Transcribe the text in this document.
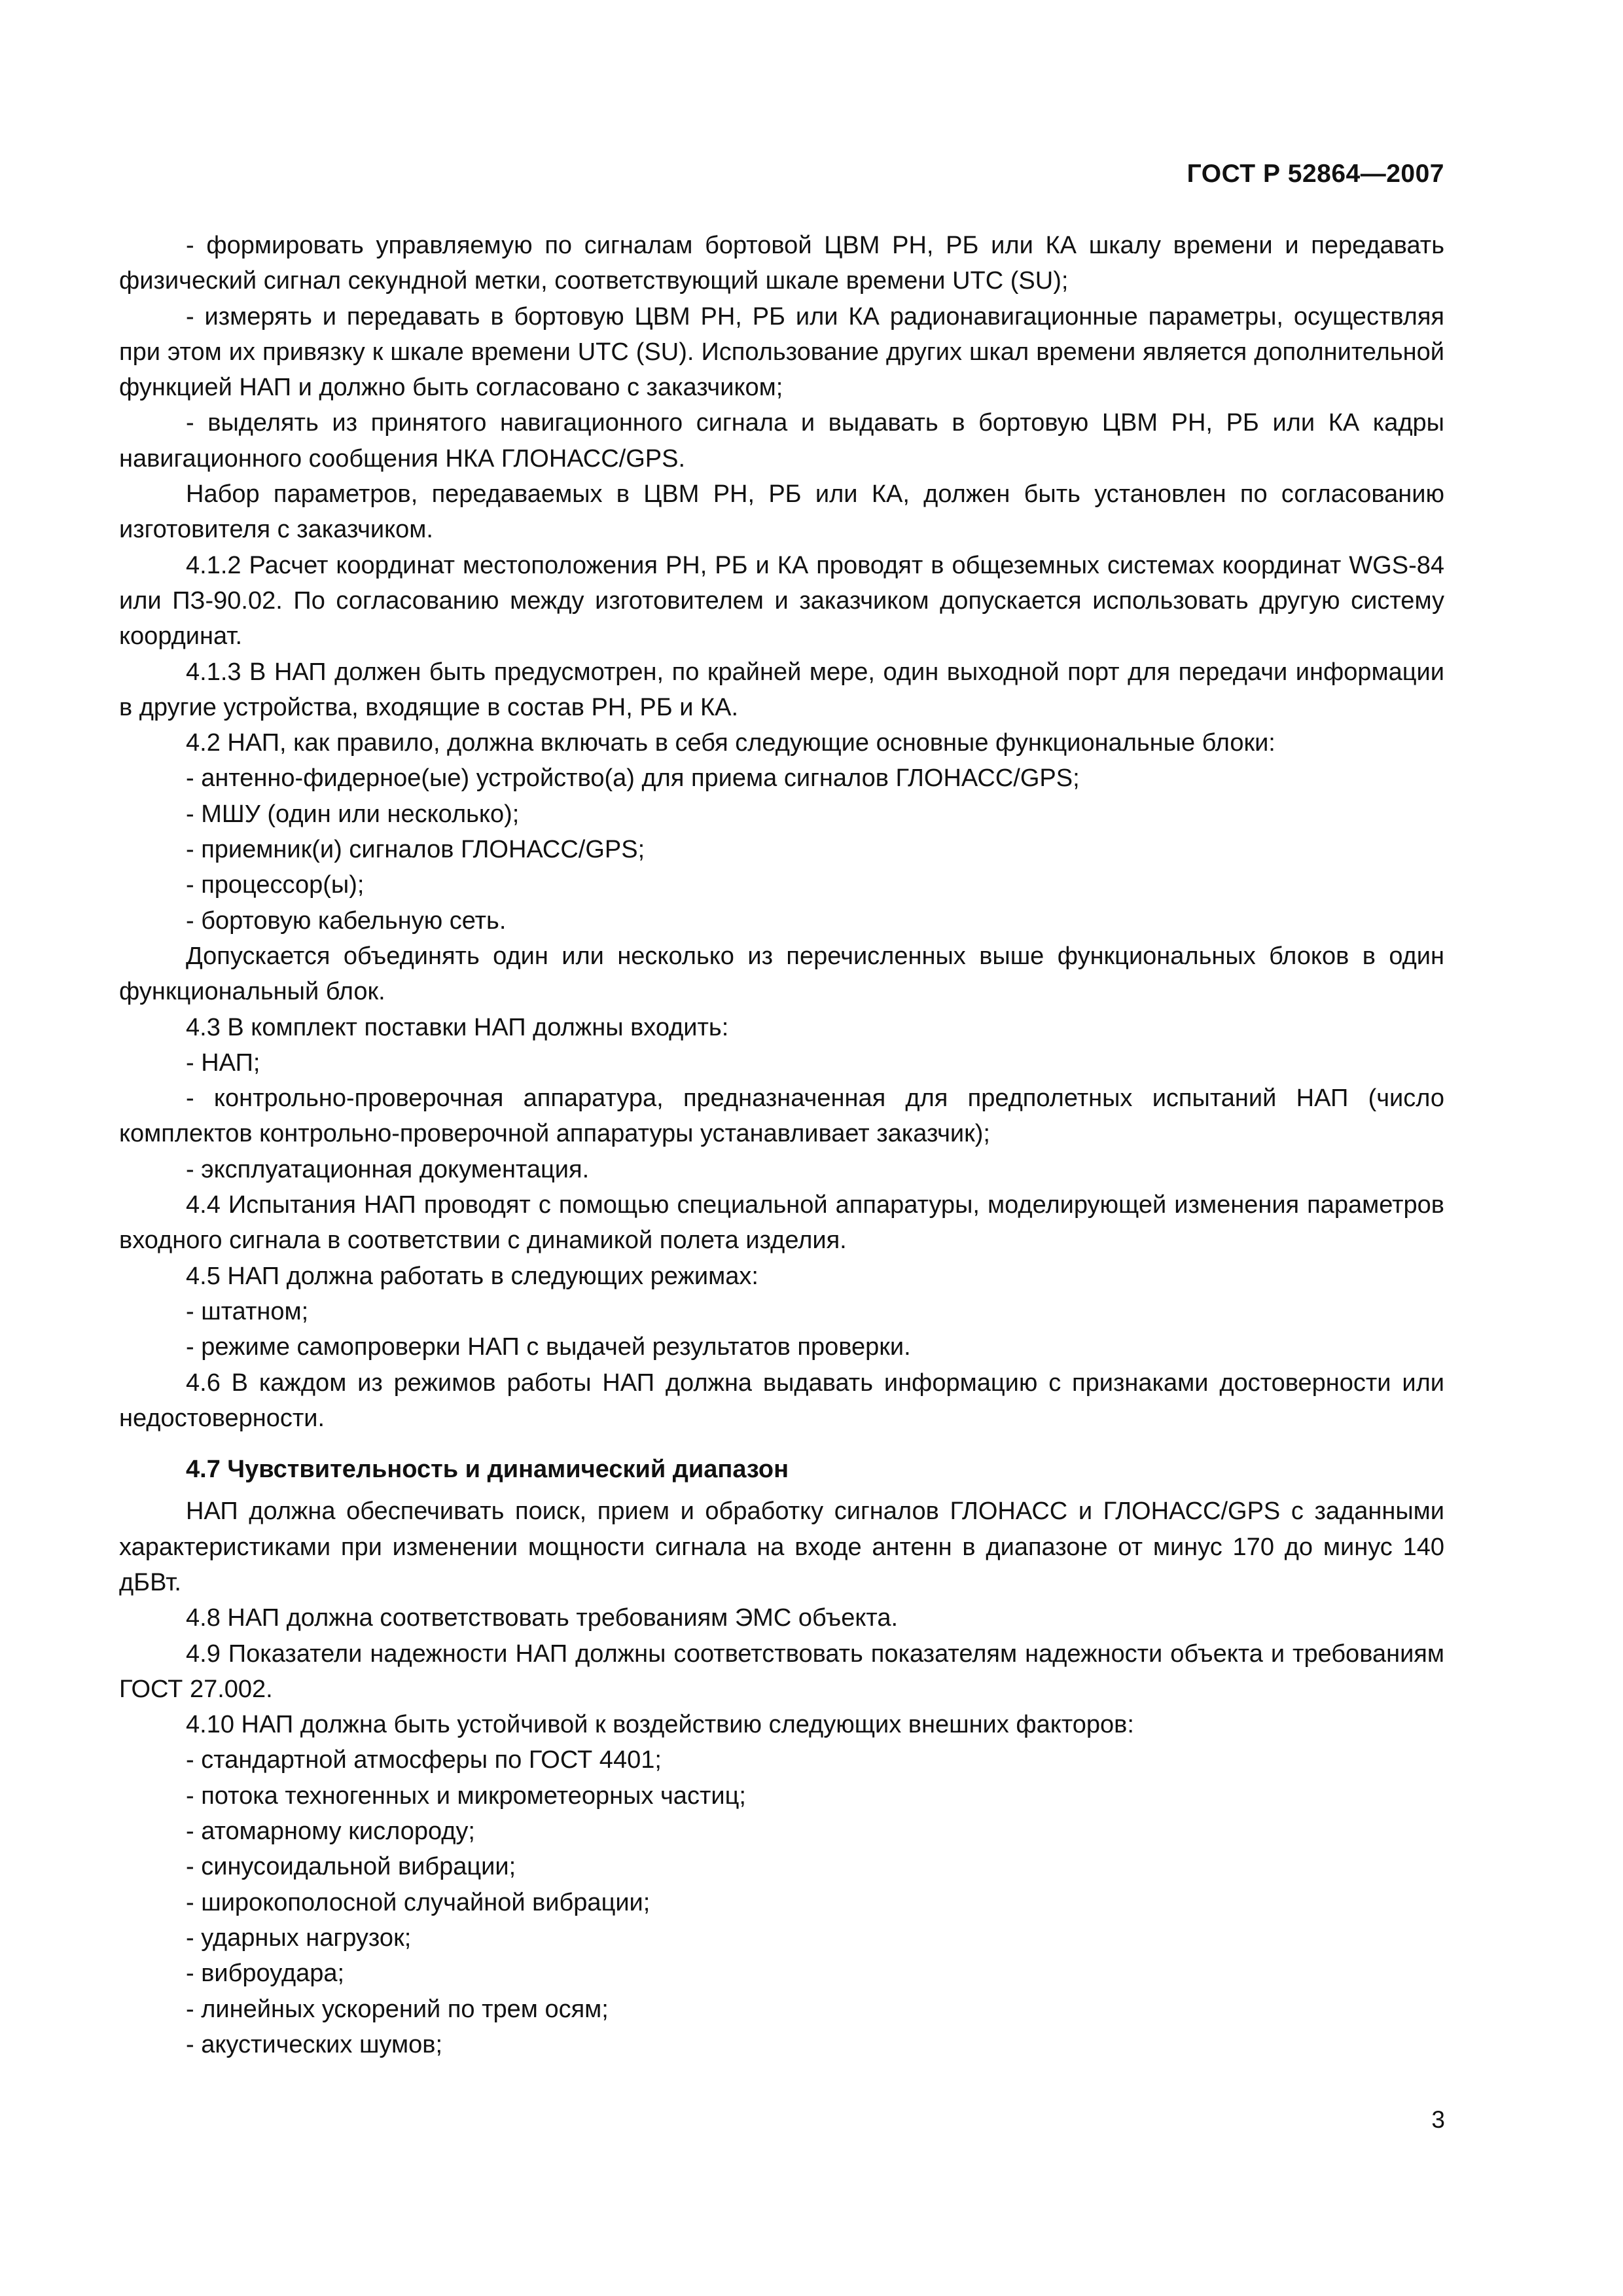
ГОСТ Р 52864—2007

- формировать управляемую по сигналам бортовой ЦВМ РН, РБ или КА шкалу времени и передавать физический сигнал секундной метки, соответствующий шкале времени UTC (SU);

- измерять и передавать в бортовую ЦВМ РН, РБ или КА радионавигационные параметры, осуществляя при этом их привязку к шкале времени UTC (SU). Использование других шкал времени является дополнительной функцией НАП и должно быть согласовано с заказчиком;

- выделять из принятого навигационного сигнала и выдавать в бортовую ЦВМ РН, РБ или КА кадры навигационного сообщения НКА ГЛОНАСС/GPS.

Набор параметров, передаваемых в ЦВМ РН, РБ или КА, должен быть установлен по согласованию изготовителя с заказчиком.

4.1.2 Расчет координат местоположения РН, РБ и КА проводят в общеземных системах координат WGS-84 или ПЗ-90.02. По согласованию между изготовителем и заказчиком допускается использовать другую систему координат.

4.1.3 В НАП должен быть предусмотрен, по крайней мере, один выходной порт для передачи информации в другие устройства, входящие в состав РН, РБ и КА.

4.2 НАП, как правило, должна включать в себя следующие основные функциональные блоки:

- антенно-фидерное(ые) устройство(а) для приема сигналов ГЛОНАСС/GPS;

- МШУ (один или несколько);

- приемник(и) сигналов ГЛОНАСС/GPS;

- процессор(ы);

- бортовую кабельную сеть.

Допускается объединять один или несколько из перечисленных выше функциональных блоков в один функциональный блок.

4.3 В комплект поставки НАП должны входить:

- НАП;

- контрольно-проверочная аппаратура, предназначенная для предполетных испытаний НАП (число комплектов контрольно-проверочной аппаратуры устанавливает заказчик);

- эксплуатационная документация.

4.4 Испытания НАП проводят с помощью специальной аппаратуры, моделирующей изменения параметров входного сигнала в соответствии с динамикой полета изделия.

4.5 НАП должна работать в следующих режимах:

- штатном;

- режиме самопроверки НАП с выдачей результатов проверки.

4.6 В каждом из режимов работы НАП должна выдавать информацию с признаками достоверности или недостоверности.

4.7 Чувствительность и динамический диапазон

НАП должна обеспечивать поиск, прием и обработку сигналов ГЛОНАСС и ГЛОНАСС/GPS с заданными характеристиками при изменении мощности сигнала на входе антенн в диапазоне от минус 170 до минус 140 дБВт.

4.8 НАП должна соответствовать требованиям ЭМС объекта.

4.9 Показатели надежности НАП должны соответствовать показателям надежности объекта и требованиям ГОСТ 27.002.

4.10 НАП должна быть устойчивой к воздействию следующих внешних факторов:

- стандартной атмосферы по ГОСТ 4401;

- потока техногенных и микрометеорных частиц;

- атомарному кислороду;

- синусоидальной вибрации;

- широкополосной случайной вибрации;

- ударных нагрузок;

- виброудара;

- линейных ускорений по трем осям;

- акустических шумов;

3
